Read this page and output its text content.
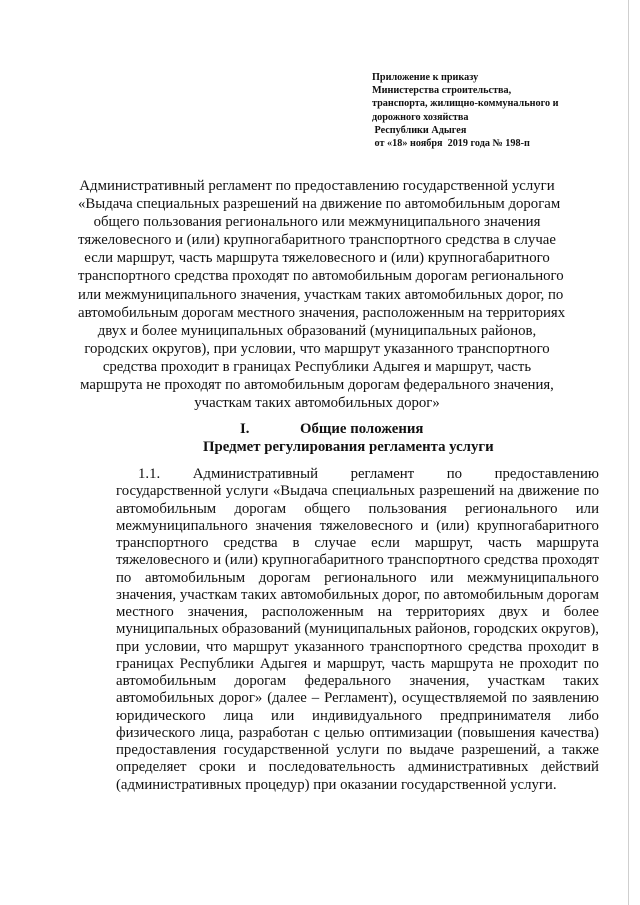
Приложение к приказу
Министерства строительства,
транспорта, жилищно-коммунального и
дорожного хозяйства
Республики Адыгея
от «18» ноября  2019 года № 198-п
Административный регламент по предоставлению государственной услуги
«Выдача специальных разрешений на движение по автомобильным дорогам
общего пользования регионального или межмуниципального значения
тяжеловесного и (или) крупногабаритного транспортного средства в случае
если маршрут, часть маршрута тяжеловесного и (или) крупногабаритного
транспортного средства проходят по автомобильным дорогам регионального
или межмуниципального значения, участкам таких автомобильных дорог, по
автомобильным дорогам местного значения, расположенным на территориях
двух и более муниципальных образований (муниципальных районов,
городских округов), при условии, что маршрут указанного транспортного
средства проходит в границах Республики Адыгея и маршрут, часть
маршрута не проходят по автомобильным дорогам федерального значения,
участкам таких автомобильных дорог»
I.	Общие положения
Предмет регулирования регламента услуги
1.1. Административный регламент по предоставлению
государственной услуги «Выдача специальных разрешений на движение по
автомобильным дорогам общего пользования регионального или
межмуниципального значения тяжеловесного и (или) крупногабаритного
транспортного средства в случае если маршрут, часть маршрута
тяжеловесного и (или) крупногабаритного транспортного средства проходят
по автомобильным дорогам регионального или межмуниципального
значения, участкам таких автомобильных дорог, по автомобильным дорогам
местного значения, расположенным на территориях двух и более
муниципальных образований (муниципальных районов, городских округов),
при условии, что маршрут указанного транспортного средства проходит в
границах Республики Адыгея и маршрут, часть маршрута не проходит по
автомобильным дорогам федерального значения, участкам таких
автомобильных дорог» (далее – Регламент), осуществляемой по заявлению
юридического лица или индивидуального предпринимателя либо
физического лица, разработан с целью оптимизации (повышения качества)
предоставления государственной услуги по выдаче разрешений, а также
определяет сроки и последовательность административных действий
(административных процедур) при оказании государственной услуги.
